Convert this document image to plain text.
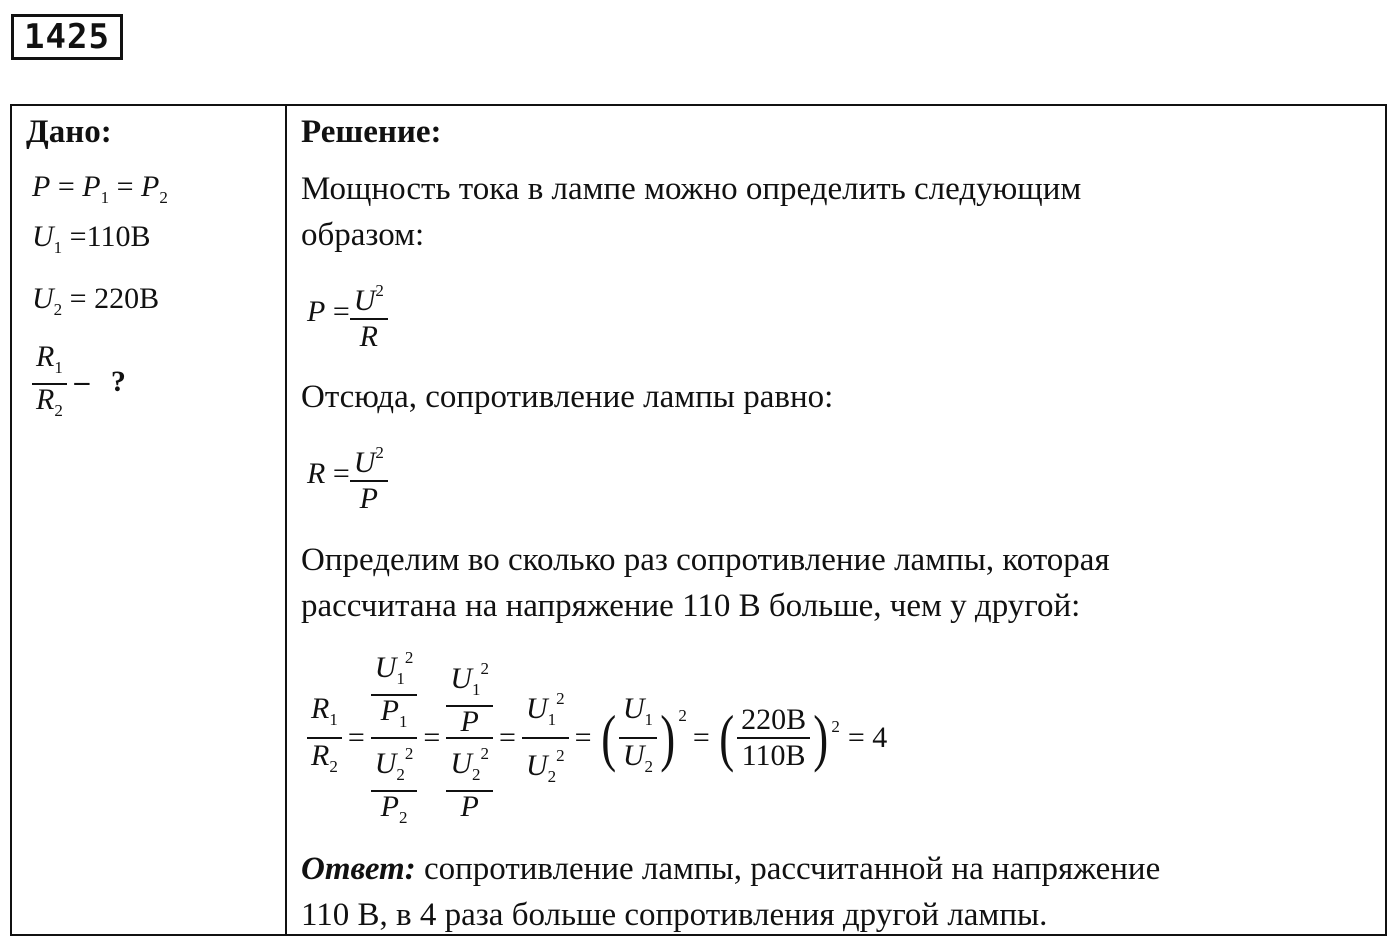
1425
Дано:
$P = P_1 = P_2$
$U_1 =110B$
$U_2 = 220B$
$\frac{R_1}{R_2}$ – ?
Решение:
Мощность тока в лампе можно определить следующим
образом:
$P = \frac{U^2}{R}$
Отсюда, сопротивление лампы равно:
$R = \frac{U^2}{P}$
Определим во сколько раз сопротивление лампы, которая
рассчитана на напряжение 110 В больше, чем у другой:
$\frac{R_1}{R_2} = \frac{\frac{U_1^2}{P_1}}{\frac{U_2^2}{P_2}} = \frac{\frac{U_1^2}{P}}{\frac{U_2^2}{P}} = \frac{U_1^2}{U_2^2}$ = ( $\frac{U_1}{U_2} )^2$
= ( $\frac{220B}{110B} )^2 = 4$
Ответ: сопротивление лампы, рассчитанной на напряжение
110 В, в 4 раза больше сопротивления другой лампы.
